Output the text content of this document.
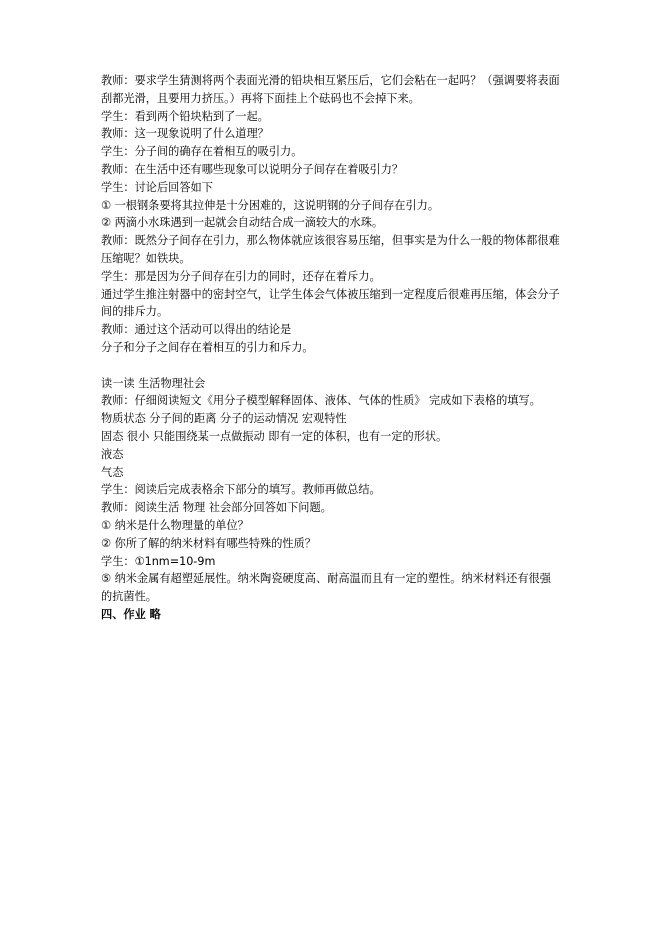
教师：要求学生猜测将两个表面光滑的铅块相互紧压后，它们会粘在一起吗？（强调要将表面刮都光滑，且要用力挤压。）再将下面挂上个砝码也不会掉下来。
学生：看到两个铅块粘到了一起。
教师：这一现象说明了什么道理？
学生：分子间的确存在着相互的吸引力。
教师：在生活中还有哪些现象可以说明分子间存在着吸引力？
学生：讨论后回答如下
① 一根钢条要将其拉伸是十分困难的，这说明钢的分子间存在引力。
② 两滴小水珠遇到一起就会自动结合成一滴较大的水珠。
教师：既然分子间存在引力，那么物体就应该很容易压缩，但事实是为什么一般的物体都很难压缩呢？如铁块。
学生：那是因为分子间存在引力的同时，还存在着斥力。
通过学生推注射器中的密封空气，让学生体会气体被压缩到一定程度后很难再压缩，体会分子间的排斥力。
教师：通过这个活动可以得出的结论是
分子和分子之间存在着相互的引力和斥力。
读一读 生活物理社会
教师：仔细阅读短文《用分子模型解释固体、液体、气体的性质》 完成如下表格的填写。
物质状态 分子间的距离 分子的运动情况 宏观特性
固态 很小 只能围绕某一点做振动 即有一定的体积，也有一定的形状。
液态
气态
学生：阅读后完成表格余下部分的填写。教师再做总结。
教师：阅读生活 物理 社会部分回答如下问题。
① 纳米是什么物理量的单位？
② 你所了解的纳米材料有哪些特殊的性质？
学生：①1nm=10-9m
⑤ 纳米金属有超塑延展性。纳米陶瓷硬度高、耐高温而且有一定的塑性。纳米材料还有很强的抗菌性。
四、作业 略
